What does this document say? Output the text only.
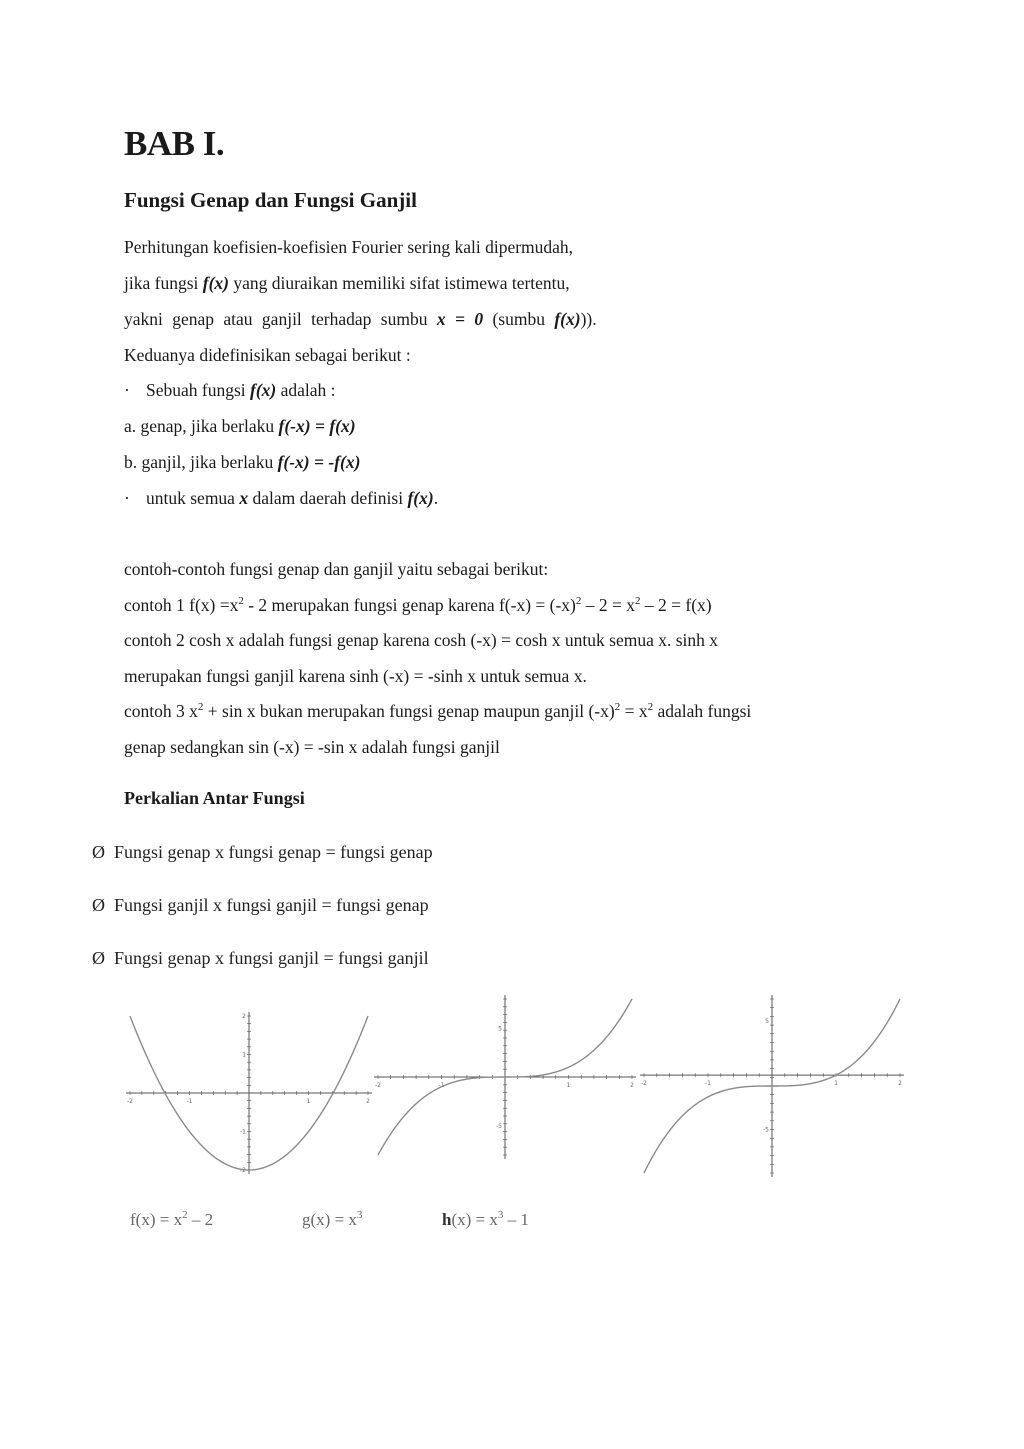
BAB I.
Fungsi Genap dan Fungsi Ganjil
Perhitungan koefisien-koefisien Fourier sering kali dipermudah,
jika fungsi f(x) yang diuraikan memiliki sifat istimewa tertentu,
yakni genap atau ganjil terhadap sumbu x = 0 (sumbu f(x))).
Keduanya didefinisikan sebagai berikut :
· Sebuah fungsi f(x) adalah :
a. genap, jika berlaku f(-x) = f(x)
b. ganjil, jika berlaku f(-x) = -f(x)
· untuk semua x dalam daerah definisi f(x).
contoh-contoh fungsi genap dan ganjil yaitu sebagai berikut:
contoh 1 $f(x) =x^2 - 2$ merupakan fungsi genap karena $f(-x) = (-x)^2 - 2 = x^2 - 2 = f(x)$
contoh 2 cosh x adalah fungsi genap karena cosh (-x) = cosh x untuk semua x. sinh x
merupakan fungsi ganjil karena sinh (-x) = -sinh x untuk semua x.
contoh 3 $x^2 + \sin x$ bukan merupakan fungsi genap maupun ganjil $(-x)^2 = x^2$ adalah fungsi
genap sedangkan sin (-x) = -sin x adalah fungsi ganjil
Perkalian Antar Fungsi
Ø Fungsi genap x fungsi genap = fungsi genap
Ø Fungsi ganjil x fungsi ganjil = fungsi genap
Ø Fungsi genap x fungsi ganjil = fungsi ganjil
-2	-1	1	2
2
1
-1
-2
-2	-1	1	2
5
-5
-2	-1	1	2
5
-5
$f(x) = x^2 - 2$	$g(x) = x^3$	$h(x) = x^3 - 1$
